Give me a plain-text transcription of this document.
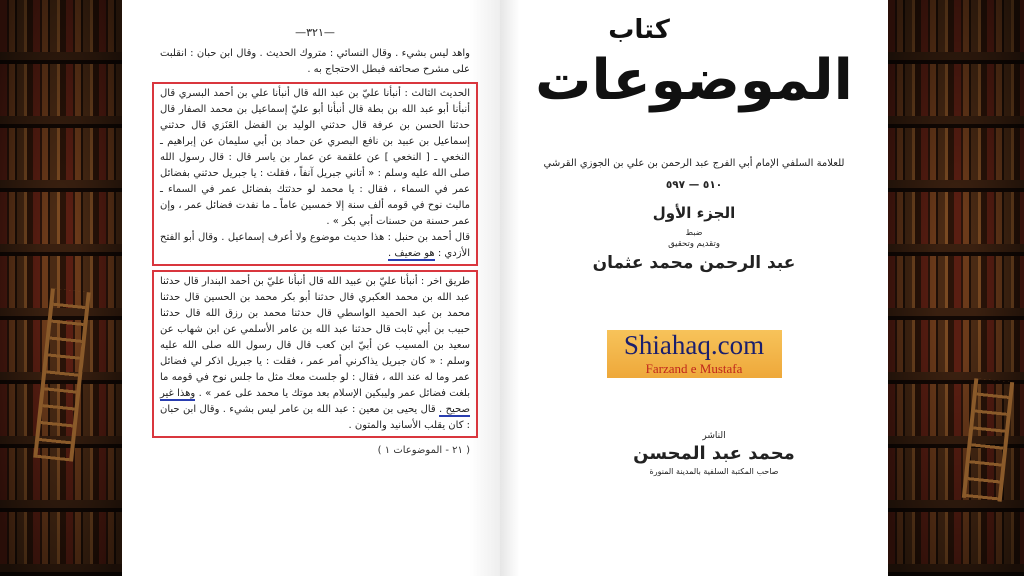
—٣٢١—
واهد ليس بشيء . وقال النسائي : متروك الحديث . وقال ابن حبان : انقلبت على مشرح صحائفه فبطل الاحتجاج به .

الحديث الثالث : أنبأنا عليّ بن عبد الله قال أنبأنا علي بن أحمد البسري قال أنبأنا أبو عبد الله بن بطة قال أنبأنا أبو عليّ إسماعيل بن محمد الصفار قال حدثنا الحسن بن عرفة قال حدثني الوليد بن الفضل العَنَزي قال حدثني إسماعيل بن عبيد بن نافع البصري عن حماد بن أبي سليمان عن إبراهيم ـ النخعي ـ [ النخعي ] عن علقمة عن عمار بن ياسر قال : قال رسول الله صلى الله عليه وسلم : « أتاني جبريل آنفاً ، فقلت : يا جبريل حدثني بفضائل عمر في السماء ، فقال : يا محمد لو حدثتك بفضائل عمر في السماء ـ مالبث نوح في قومه ألف سنة إلا خمسين عاماً ـ ما نفدت فضائل عمر ، وإن عمر حسنة من حسنات أبي بكر » .

قال أحمد بن حنبل : هذا حديث موضوع ولا أعرف إسماعيل . وقال أبو الفتح الأزدي : هو ضعيف .

طريق اخر : أنبأنا عليّ بن عبيد الله قال أنبأنا عليّ بن أحمد البندار قال حدثنا عبد الله بن محمد العكبري قال حدثنا أبو بكر محمد بن الحسين قال حدثنا محمد بن عبد الحميد الواسطي قال حدثنا محمد بن رزق الله قال حدثنا حبيب بن أبي ثابت قال حدثنا عبد الله بن عامر الأسلمي عن ابن شهاب عن سعيد بن المسيب عن أبيّ ابن كعب قال قال رسول الله صلى الله عليه وسلم : « كان جبريل يذاكرني أمر عمر ، فقلت : يا جبريل اذكر لي فضائل عمر وما له عند الله ، فقال : لو جلست معك مثل ما جلس نوح في قومه ما بلغت فضائل عمر وليبكين الإسلام بعد موتك يا محمد على عمر » . وهذا غير صحيح . قال يحيى بن معين : عبد الله بن عامر ليس بشيء . وقال ابن حبان : كان يقلب الأسانيد والمتون .

( ٢١ - الموضوعات ١ )
كتاب
الموضوعات
للعلامة السلفي الإمام أبي الفرج عبد الرحمن بن علي بن الجوزي القرشي
٥١٠ — ٥٩٧
الجزء الأول
ضبط
وتقديم وتحقيق
عبد الرحمن محمد عثمان
Shiahaq.com
Farzand e Mustafa
الناشر
محمد عبد المحسن
صاحب المكتبة السلفية بالمدينة المنورة
